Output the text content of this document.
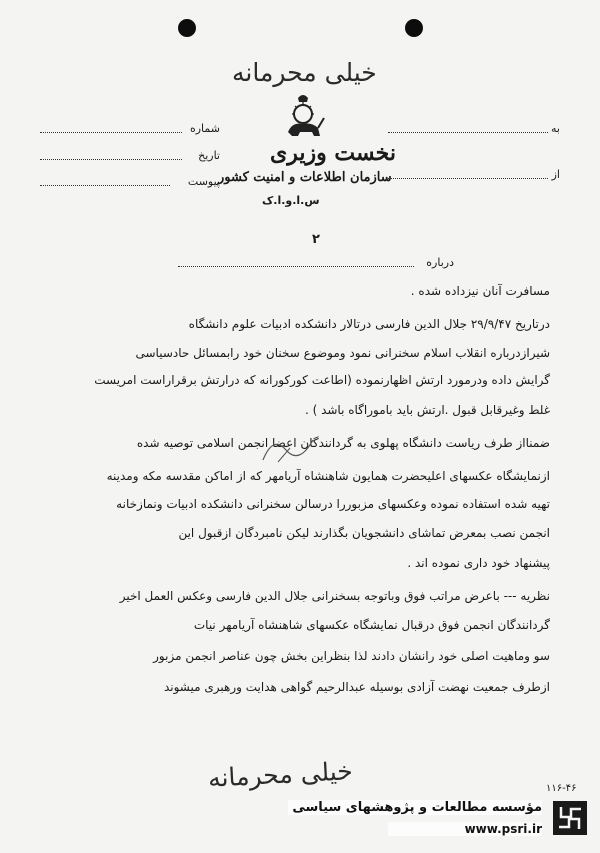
خیلی محرمانه
نخست وزیری
سازمان اطلاعات و امنیت کشور
س.ا.و.ا.ک
شماره
تاریخ
پیوست
به
از
۲
درباره
مسافرت آنان نیزداده شده .
درتاریخ ۲۹/۹/۴۷ جلال الدین فارسی درتالار دانشکده ادبیات علوم دانشگاه
شیرازدرباره انقلاب اسلام سخنرانی نمود وموضوع سخنان خود رابمسائل حادسیاسی
گرایش داده ودرمورد ارتش اظهارنموده (اطاعت کورکورانه که درارتش برقراراست امریست
غلط وغیرقابل قبول .ارتش باید باموراگاه باشد ) .
ضمنااز طرف ریاست دانشگاه پهلوی به گردانندگان اعضا انجمن اسلامی توصیه شده
ازنمایشگاه عکسهای اعلیحضرت همایون شاهنشاه آریامهر که از اماکن مقدسه مکه ومدینه
تهیه شده استفاده نموده وعکسهای مزبوررا درسالن سخنرانی دانشکده ادبیات ونمازخانه
انجمن نصب بمعرض تماشای دانشجویان بگذارند لیکن نامبردگان ازقبول این
پیشنهاد خود داری نموده اند .
نظریه --- باعرض مراتب فوق وباتوجه بسخنرانی جلال الدین فارسی وعکس العمل اخیر
گردانندگان انجمن فوق درقبال نمایشگاه عکسهای شاهنشاه آریامهر نیات
سو وماهیت اصلی خود رانشان دادند لذا بنظراین بخش چون عناصر انجمن مزبور
ازطرف جمعیت نهضت آزادی بوسیله عبدالرحیم گواهی هدایت ورهبری میشوند
خیلی محرمانه	۱۱۶-۴۶
مؤسسه مطالعات و پژوهشهای سیاسی
www.psri.ir
